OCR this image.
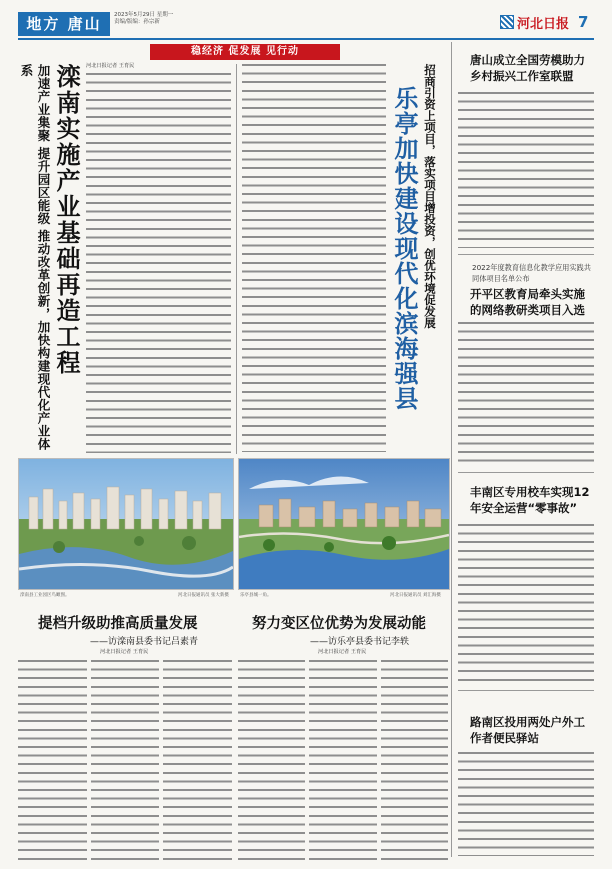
地方 唐山	2023年5月29日 星期一
责编/版编：孙宗新	河北日报 7
稳经济 促发展 见行动
滦南实施产业基础再造工程
加速产业集聚 提升园区能级 推动改革创新，加快构建现代化产业体系	河北日报记者 王育民
乐亭加快建设现代化滨海强县 招商引资上项目，落实项目增投资，创优环境促发展
滦南县工业园区鸟瞰图。	河北日报通讯员 张大新摄 乐亭县城一角。	河北日报通讯员 刘汇海摄
提档升级助推高质量发展
——访滦南县委书记吕素青
河北日报记者 王育民
努力变区位优势为发展动能
——访乐亭县委书记李轶
河北日报记者 王育民
唐山成立全国劳模助力乡村振兴工作室联盟
2022年度教育信息化教学应用实践共同体项目名单公布
开平区教育局牵头实施的网络教研类项目入选
丰南区专用校车实现12年安全运营“零事故”
路南区投用两处户外工作者便民驿站
